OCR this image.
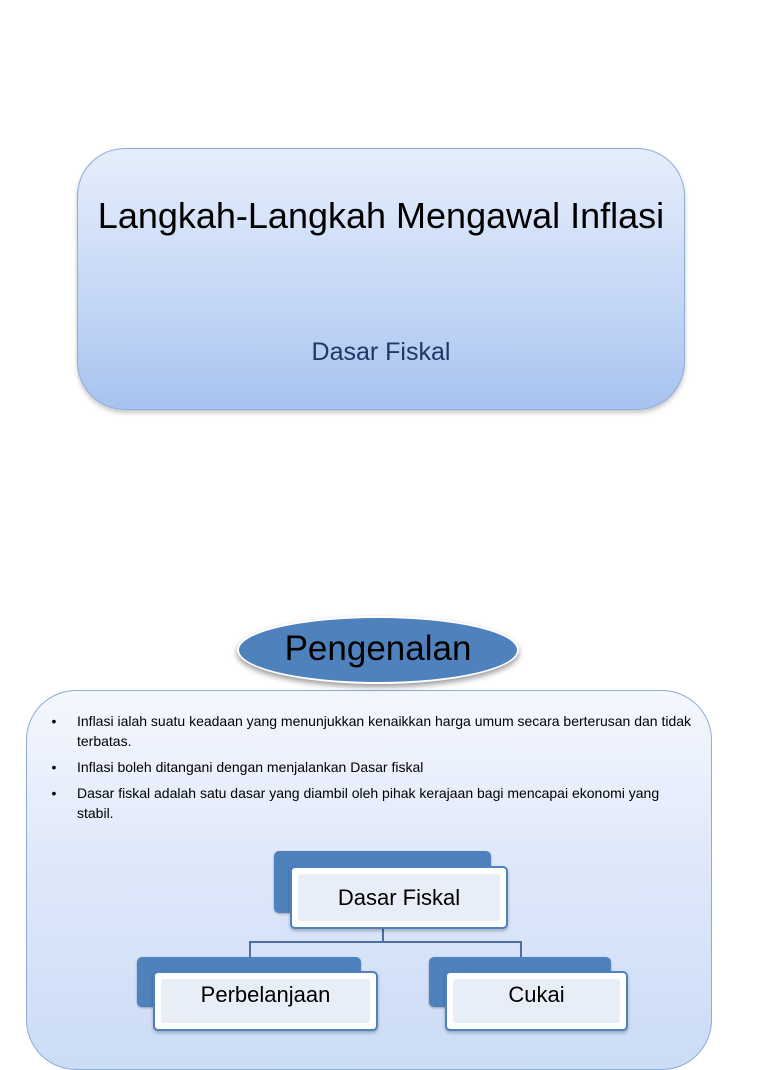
Langkah-Langkah Mengawal Inflasi
Dasar Fiskal
•	Inflasi ialah suatu keadaan yang menunjukkan kenaikkan harga umum secara berterusan dan tidak terbatas.
•	Inflasi boleh ditangani dengan menjalankan Dasar fiskal
•	Dasar fiskal adalah satu dasar yang diambil oleh pihak kerajaan bagi mencapai ekonomi yang stabil.
Pengenalan
Dasar Fiskal
Perbelanjaan	Cukai
